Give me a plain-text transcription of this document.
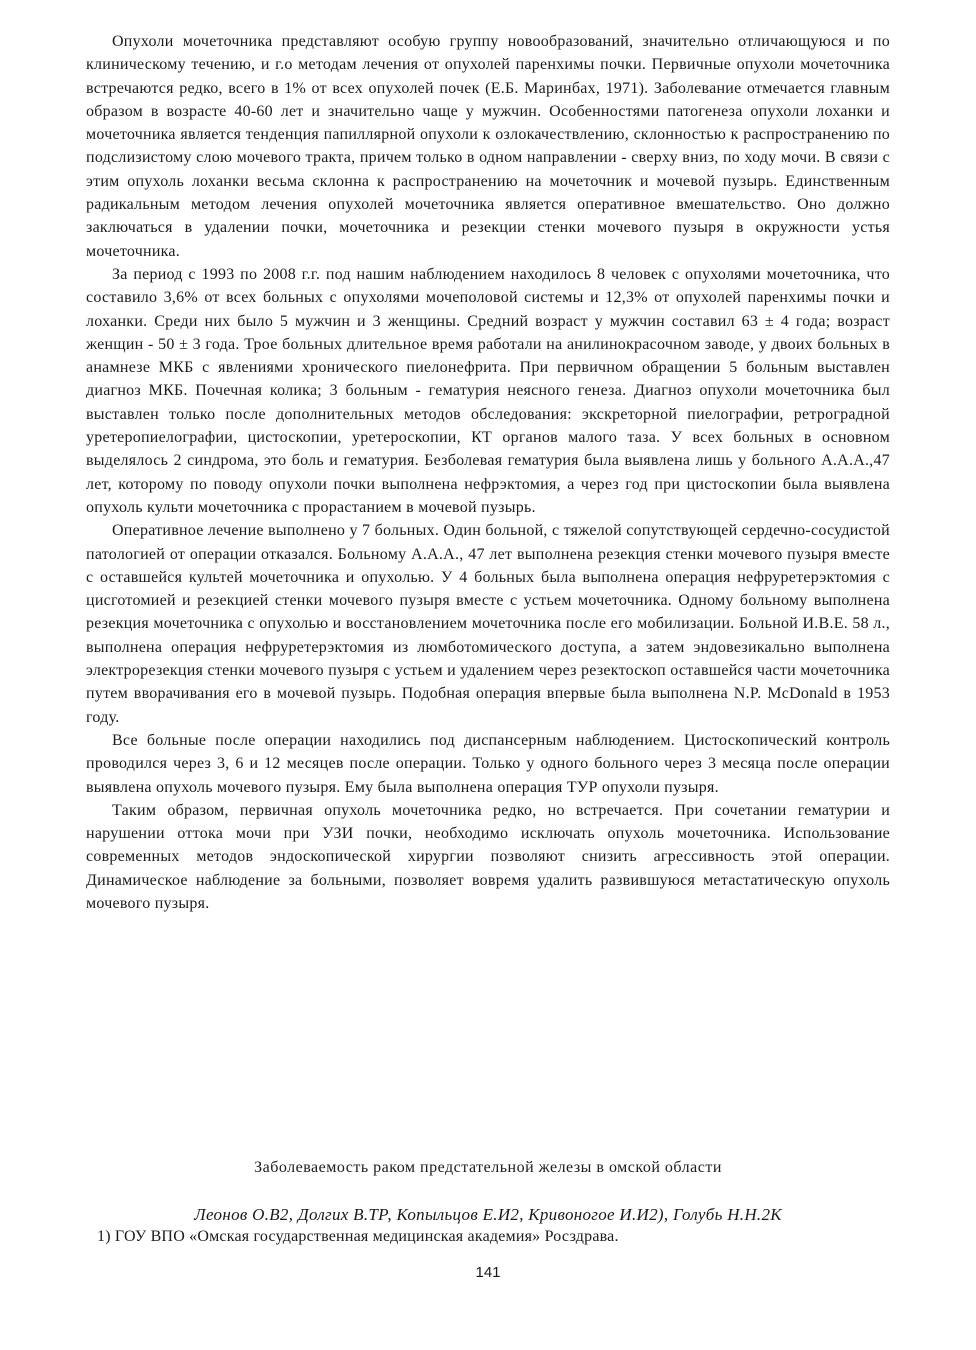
Опухоли мочеточника представляют особую группу новообразований, значительно отличающуюся и по клиническому течению, и г.о методам лечения от опухолей паренхимы почки. Первичные опухоли мочеточника встречаются редко, всего в 1% от всех опухолей почек (Е.Б. Маринбах, 1971). Заболевание отмечается главным образом в возрасте 40-60 лет и значительно чаще у мужчин. Особенностями патогенеза опухоли лоханки и мочеточника является тенденция папиллярной опухоли к озлокачествлению, склонностью к распространению по подслизистому слою мочевого тракта, причем только в одном направлении - сверху вниз, по ходу мочи. В связи с этим опухоль лоханки весьма склонна к распространению на мочеточник и мочевой пузырь. Единственным радикальным методом лечения опухолей мочеточника является оперативное вмешательство. Оно должно заключаться в удалении почки, мочеточника и резекции стенки мочевого пузыря в окружности устья мочеточника.

За период с 1993 по 2008 г.г. под нашим наблюдением находилось 8 человек с опухолями мочеточника, что составило 3,6% от всех больных с опухолями мочеполовой системы и 12,3% от опухолей паренхимы почки и лоханки. Среди них было 5 мужчин и 3 женщины. Средний возраст у мужчин составил 63 ± 4 года; возраст женщин - 50 ± 3 года. Трое больных длительное время работали на анилинокрасочном заводе, у двоих больных в анамнезе МКБ с явлениями хронического пиелонефрита. При первичном обращении 5 больным выставлен диагноз МКБ. Почечная колика; 3 больным - гематурия неясного генеза. Диагноз опухоли мочеточника был выставлен только после дополнительных методов обследования: экскреторной пиелографии, ретроградной уретеропиелографии, цистоскопии, уретероскопии, КТ органов малого таза. У всех больных в основном выделялось 2 синдрома, это боль и гематурия. Безболевая гематурия была выявлена лишь у больного А.А.А.,47 лет, которому по поводу опухоли почки выполнена нефрэктомия, а через год при цистоскопии была выявлена опухоль культи мочеточника с прорастанием в мочевой пузырь.

Оперативное лечение выполнено у 7 больных. Один больной, с тяжелой сопутствующей сердечно-сосудистой патологией от операции отказался. Больному А.А.А., 47 лет выполнена резекция стенки мочевого пузыря вместе с оставшейся культей мочеточника и опухолью. У 4 больных была выполнена операция нефруретерэктомия с цисготомией и резекцией стенки мочевого пузыря вместе с устьем мочеточника. Одному больному выполнена резекция мочеточника с опухолью и восстановлением мочеточника после его мобилизации. Больной И.В.Е. 58 л., выполнена операция нефруретерэктомия из люмботомического доступа, а затем эндовезикально выполнена электрорезекция стенки мочевого пузыря с устьем и удалением через резектоскоп оставшейся части мочеточника путем вворачивания его в мочевой пузырь. Подобная операция впервые была выполнена N.P. McDonald в 1953 году.

Все больные после операции находились под диспансерным наблюдением. Цистоскопический контроль проводился через 3, 6 и 12 месяцев после операции. Только у одного больного через 3 месяца после операции выявлена опухоль мочевого пузыря. Ему была выполнена операция ТУР опухоли пузыря.

Таким образом, первичная опухоль мочеточника редко, но встречается. При сочетании гематурии и нарушении оттока мочи при УЗИ почки, необходимо исключать опухоль мочеточника. Использование современных методов эндоскопической хирургии позволяют снизить агрессивность этой операции. Динамическое наблюдение за больными, позволяет вовремя удалить развившуюся метастатическую опухоль мочевого пузыря.

Заболеваемость раком предстательной железы в омской области

Леонов О.В2, Долгих В.ТР, Копыльцов Е.И2, Кривоногое И.И2), Голубь Н.Н.2К

1) ГОУ ВПО «Омская государственная медицинская академия» Росздрава.

141
